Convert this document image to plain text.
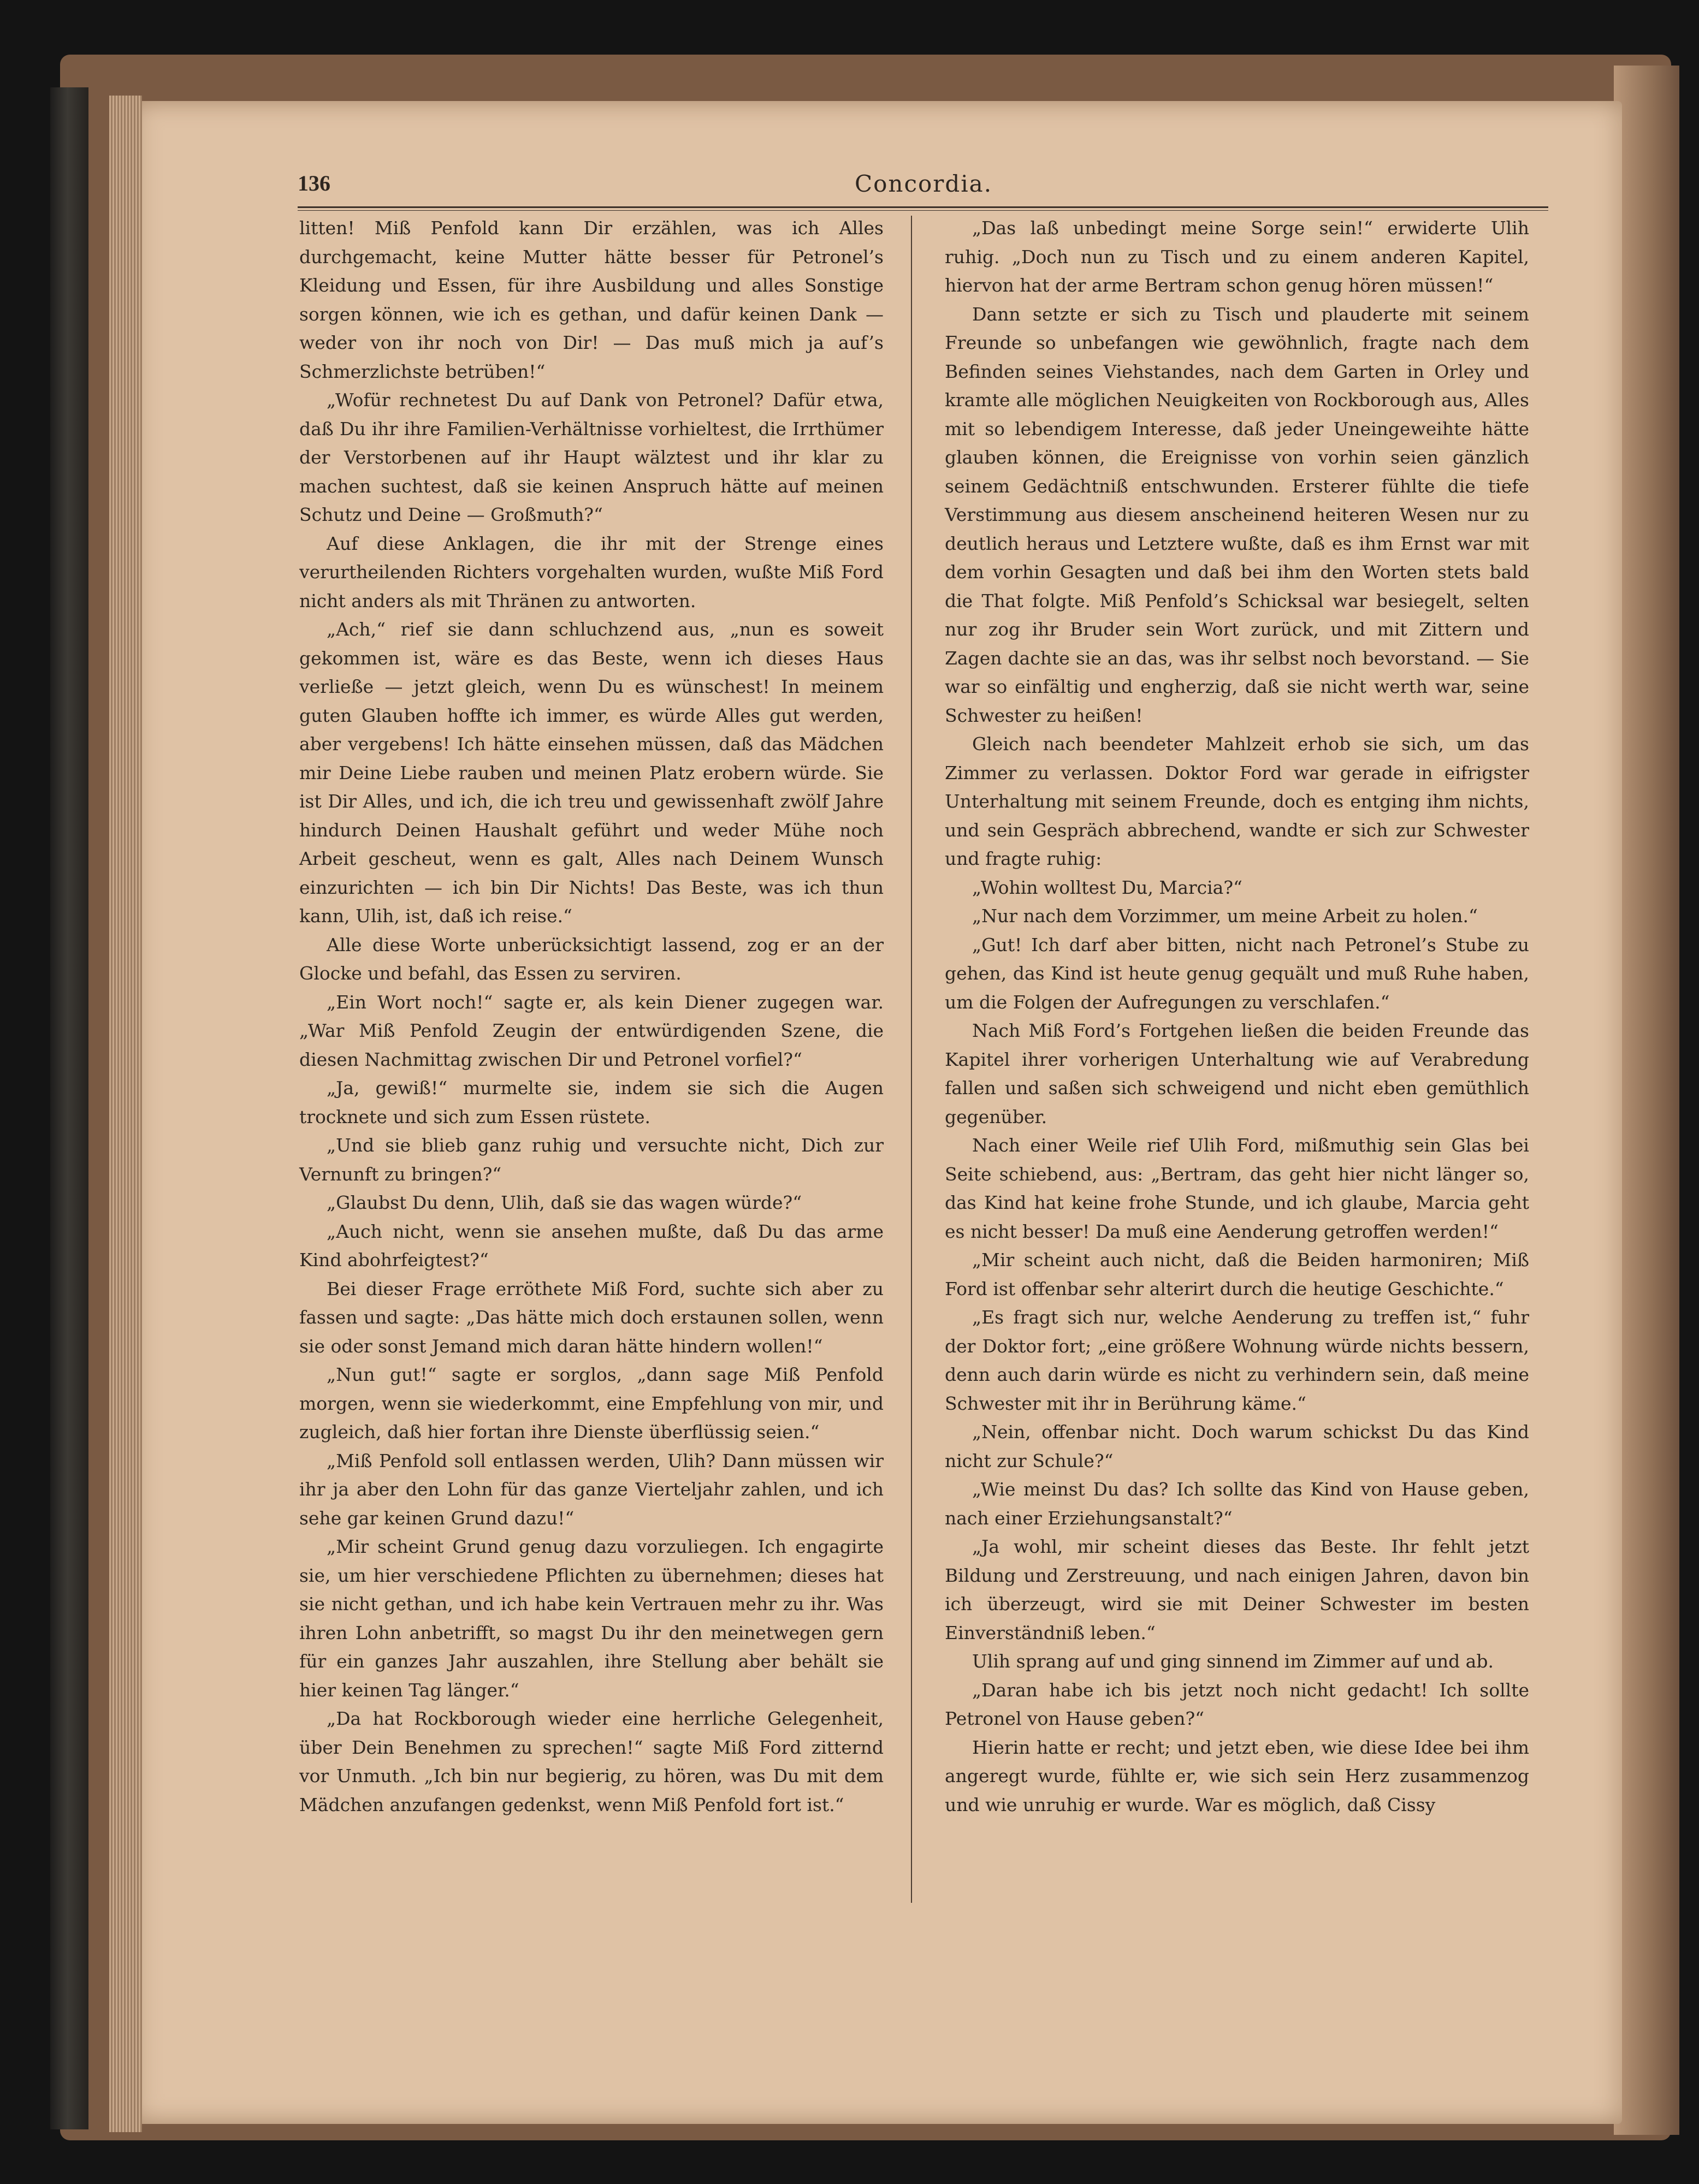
136	Concordia.

litten! Miß Penfold kann Dir erzählen, was ich Alles durchgemacht, keine Mutter hätte besser für Petronel’s Kleidung und Essen, für ihre Ausbildung und alles Sonstige sorgen können, wie ich es gethan, und dafür keinen Dank — weder von ihr noch von Dir! — Das muß mich ja auf’s Schmerzlichste betrüben!“

„Wofür rechnetest Du auf Dank von Petronel? Dafür etwa, daß Du ihr ihre Familien-Verhältnisse vorhieltest, die Irrthümer der Verstorbenen auf ihr Haupt wälztest und ihr klar zu machen suchtest, daß sie keinen Anspruch hätte auf meinen Schutz und Deine — Großmuth?“

Auf diese Anklagen, die ihr mit der Strenge eines verurtheilenden Richters vorgehalten wurden, wußte Miß Ford nicht anders als mit Thränen zu antworten.

„Ach,“ rief sie dann schluchzend aus, „nun es soweit gekommen ist, wäre es das Beste, wenn ich dieses Haus verließe — jetzt gleich, wenn Du es wünschest! In meinem guten Glauben hoffte ich immer, es würde Alles gut werden, aber vergebens! Ich hätte einsehen müssen, daß das Mädchen mir Deine Liebe rauben und meinen Platz erobern würde. Sie ist Dir Alles, und ich, die ich treu und gewissenhaft zwölf Jahre hindurch Deinen Haushalt geführt und weder Mühe noch Arbeit gescheut, wenn es galt, Alles nach Deinem Wunsch einzurichten — ich bin Dir Nichts! Das Beste, was ich thun kann, Ulih, ist, daß ich reise.“

Alle diese Worte unberücksichtigt lassend, zog er an der Glocke und befahl, das Essen zu serviren.

„Ein Wort noch!“ sagte er, als kein Diener zugegen war. „War Miß Penfold Zeugin der entwürdigenden Szene, die diesen Nachmittag zwischen Dir und Petronel vorfiel?“

„Ja, gewiß!“ murmelte sie, indem sie sich die Augen trocknete und sich zum Essen rüstete.

„Und sie blieb ganz ruhig und versuchte nicht, Dich zur Vernunft zu bringen?“

„Glaubst Du denn, Ulih, daß sie das wagen würde?“

„Auch nicht, wenn sie ansehen mußte, daß Du das arme Kind abohrfeigtest?“

Bei dieser Frage erröthete Miß Ford, suchte sich aber zu fassen und sagte: „Das hätte mich doch erstaunen sollen, wenn sie oder sonst Jemand mich daran hätte hindern wollen!“

„Nun gut!“ sagte er sorglos, „dann sage Miß Penfold morgen, wenn sie wiederkommt, eine Empfehlung von mir, und zugleich, daß hier fortan ihre Dienste überflüssig seien.“

„Miß Penfold soll entlassen werden, Ulih? Dann müssen wir ihr ja aber den Lohn für das ganze Vierteljahr zahlen, und ich sehe gar keinen Grund dazu!“

„Mir scheint Grund genug dazu vorzuliegen. Ich engagirte sie, um hier verschiedene Pflichten zu übernehmen; dieses hat sie nicht gethan, und ich habe kein Vertrauen mehr zu ihr. Was ihren Lohn anbetrifft, so magst Du ihr den meinetwegen gern für ein ganzes Jahr auszahlen, ihre Stellung aber behält sie hier keinen Tag länger.“

„Da hat Rockborough wieder eine herrliche Gelegenheit, über Dein Benehmen zu sprechen!“ sagte Miß Ford zitternd vor Unmuth. „Ich bin nur begierig, zu hören, was Du mit dem Mädchen anzufangen gedenkst, wenn Miß Penfold fort ist.“

„Das laß unbedingt meine Sorge sein!“ erwiderte Ulih ruhig. „Doch nun zu Tisch und zu einem anderen Kapitel, hiervon hat der arme Bertram schon genug hören müssen!“

Dann setzte er sich zu Tisch und plauderte mit seinem Freunde so unbefangen wie gewöhnlich, fragte nach dem Befinden seines Viehstandes, nach dem Garten in Orley und kramte alle möglichen Neuigkeiten von Rockborough aus, Alles mit so lebendigem Interesse, daß jeder Uneingeweihte hätte glauben können, die Ereignisse von vorhin seien gänzlich seinem Gedächtniß entschwunden. Ersterer fühlte die tiefe Verstimmung aus diesem anscheinend heiteren Wesen nur zu deutlich heraus und Letztere wußte, daß es ihm Ernst war mit dem vorhin Gesagten und daß bei ihm den Worten stets bald die That folgte. Miß Penfold’s Schicksal war besiegelt, selten nur zog ihr Bruder sein Wort zurück, und mit Zittern und Zagen dachte sie an das, was ihr selbst noch bevorstand. — Sie war so einfältig und engherzig, daß sie nicht werth war, seine Schwester zu heißen!

Gleich nach beendeter Mahlzeit erhob sie sich, um das Zimmer zu verlassen. Doktor Ford war gerade in eifrigster Unterhaltung mit seinem Freunde, doch es entging ihm nichts, und sein Gespräch abbrechend, wandte er sich zur Schwester und fragte ruhig:

„Wohin wolltest Du, Marcia?“

„Nur nach dem Vorzimmer, um meine Arbeit zu holen.“

„Gut! Ich darf aber bitten, nicht nach Petronel’s Stube zu gehen, das Kind ist heute genug gequält und muß Ruhe haben, um die Folgen der Aufregungen zu verschlafen.“

Nach Miß Ford’s Fortgehen ließen die beiden Freunde das Kapitel ihrer vorherigen Unterhaltung wie auf Verabredung fallen und saßen sich schweigend und nicht eben gemüthlich gegenüber.

Nach einer Weile rief Ulih Ford, mißmuthig sein Glas bei Seite schiebend, aus: „Bertram, das geht hier nicht länger so, das Kind hat keine frohe Stunde, und ich glaube, Marcia geht es nicht besser! Da muß eine Aenderung getroffen werden!“

„Mir scheint auch nicht, daß die Beiden harmoniren; Miß Ford ist offenbar sehr alterirt durch die heutige Geschichte.“

„Es fragt sich nur, welche Aenderung zu treffen ist,“ fuhr der Doktor fort; „eine größere Wohnung würde nichts bessern, denn auch darin würde es nicht zu verhindern sein, daß meine Schwester mit ihr in Berührung käme.“

„Nein, offenbar nicht. Doch warum schickst Du das Kind nicht zur Schule?“

„Wie meinst Du das? Ich sollte das Kind von Hause geben, nach einer Erziehungsanstalt?“

„Ja wohl, mir scheint dieses das Beste. Ihr fehlt jetzt Bildung und Zerstreuung, und nach einigen Jahren, davon bin ich überzeugt, wird sie mit Deiner Schwester im besten Einverständniß leben.“

Ulih sprang auf und ging sinnend im Zimmer auf und ab.

„Daran habe ich bis jetzt noch nicht gedacht! Ich sollte Petronel von Hause geben?“

Hierin hatte er recht; und jetzt eben, wie diese Idee bei ihm angeregt wurde, fühlte er, wie sich sein Herz zusammenzog und wie unruhig er wurde. War es möglich, daß Cissy
